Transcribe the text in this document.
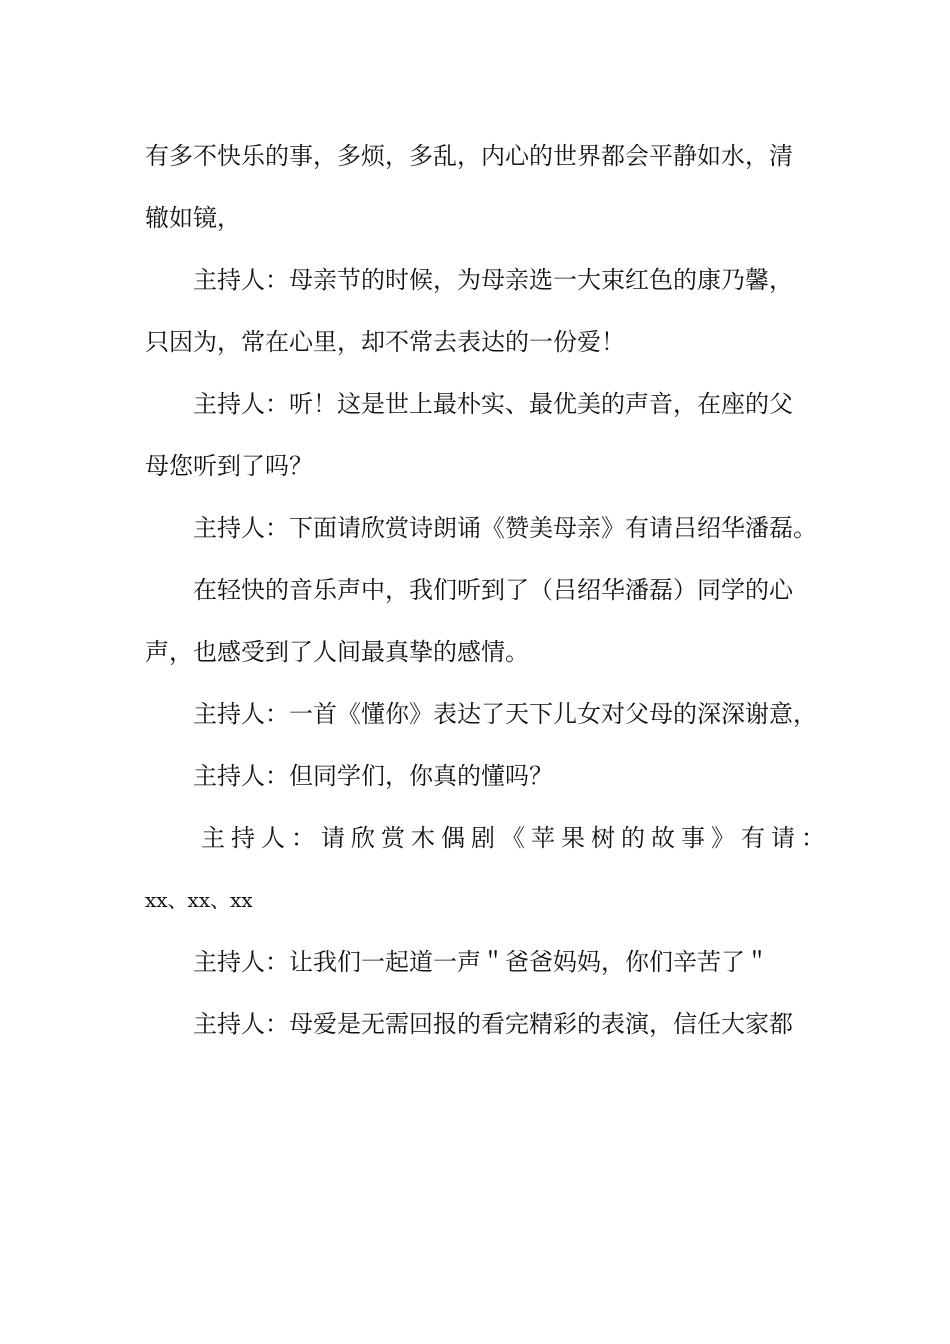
有多不快乐的事，多烦，多乱，内心的世界都会平静如水，清
辙如镜，
主持人：母亲节的时候，为母亲选一大束红色的康乃馨，
只因为，常在心里，却不常去表达的一份爱！
主持人：听！这是世上最朴实、最优美的声音，在座的父
母您听到了吗？
主持人：下面请欣赏诗朗诵《赞美母亲》有请吕绍华潘磊。
在轻快的音乐声中，我们听到了（吕绍华潘磊）同学的心
声，也感受到了人间最真挚的感情。
主持人：一首《懂你》表达了天下儿女对父母的深深谢意，
主持人：但同学们，你真的懂吗？
主持人：请欣赏木偶剧《苹果树的故事》有请：
xx、xx、xx
主持人：让我们一起道一声＂爸爸妈妈，你们辛苦了＂
主持人：母爱是无需回报的看完精彩的表演，信任大家都
